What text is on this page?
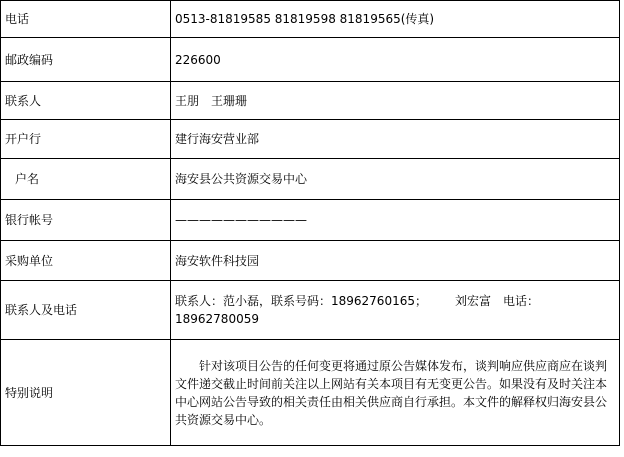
电话	0513-81819585 81819598 81819565(传真)
邮政编码	226600
联系人	王朋　王珊珊
开户行	建行海安营业部
户名	海安县公共资源交易中心
银行帐号	———————————
采购单位	海安软件科技园
联系人及电话	联系人：范小磊，联系号码：18962760165； 刘宏富　电话：
18962780059

特别说明	针对该项目公告的任何变更将通过原公告媒体发布，谈判响应供应商应在谈判文件递交截止时间前关注以上网站有关本项目有无变更公告。如果没有及时关注本中心网站公告导致的相关责任由相关供应商自行承担。本文件的解释权归海安县公共资源交易中心。
